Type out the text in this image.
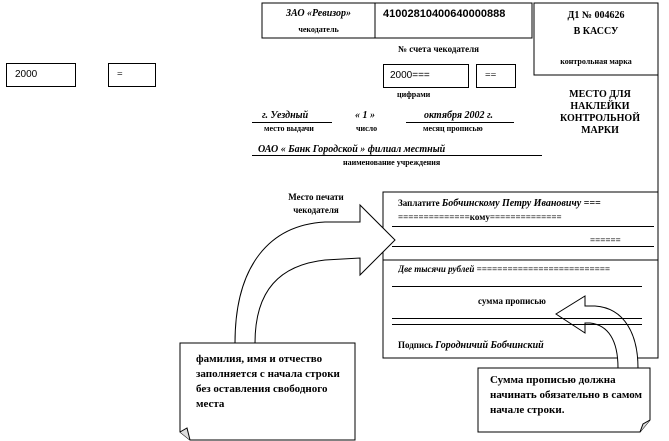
ЗАО «Ревизор»
чекодатель
41002810400640000888
№ счета чекодателя
Д1 № 004626
В КАССУ
контрольная марка
2000	=	2000===	==
цифрами	МЕСТО ДЛЯ НАКЛЕЙКИ КОНТРОЛЬНОЙ МАРКИ
г. Уездный	« 1 »	октября 2002 г.
место выдачи	число	месяц прописью
ОАО « Банк Городской » филиал местный
наименование учреждения
Место печати чекодателя
Заплатите Бобчинскому Петру Ивановичу ===
==============кому==============
======
Две тысячи рублей ==========================
сумма прописью
Подпись Городничий Бобчинский
фамилия, имя и отчество заполняется с начала строки без оставления свободного места
Сумма прописью должна начинать обязательно в самом начале строки.
